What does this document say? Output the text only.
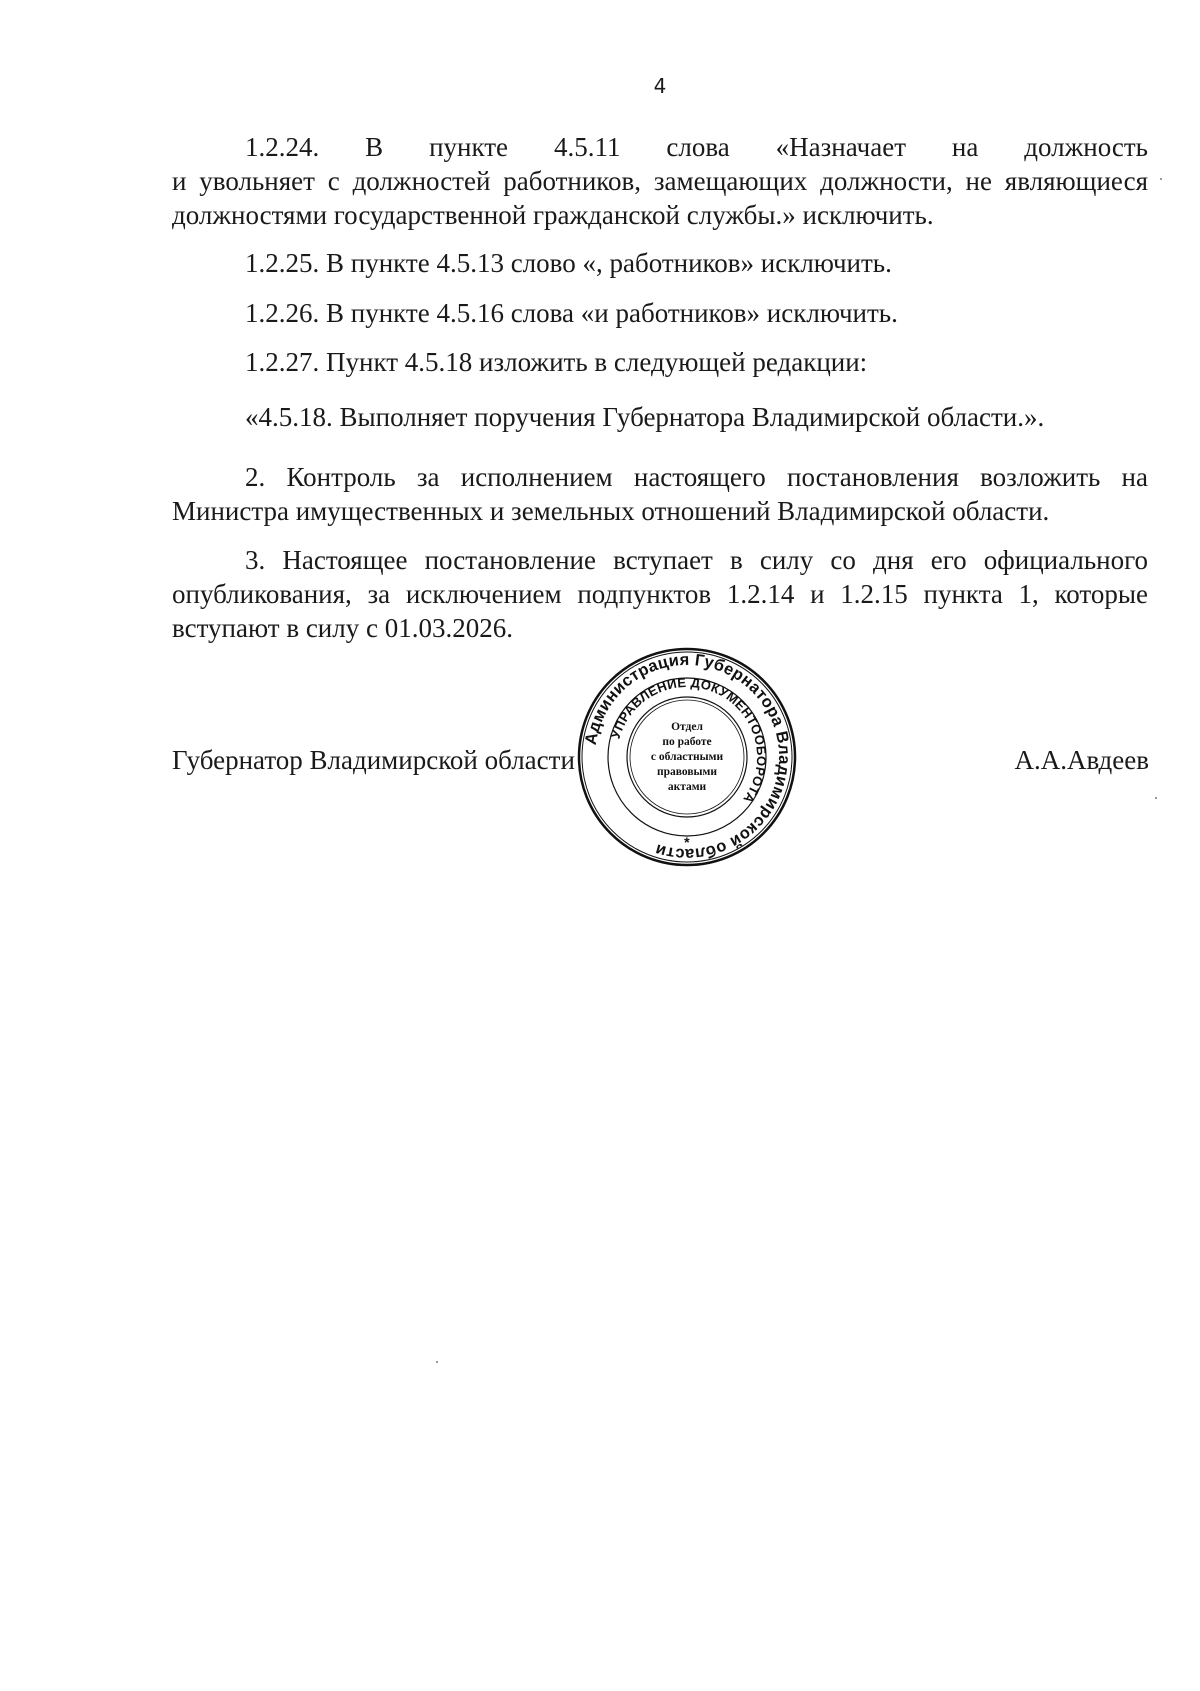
4

1.2.24. В пункте 4.5.11 слова «Назначает на должность

и увольняет с должностей работников, замещающих должности, не являющиеся должностями государственной гражданской службы.» исключить.

1.2.25. В пункте 4.5.13 слово «, работников» исключить.

1.2.26. В пункте 4.5.16 слова «и работников» исключить.

1.2.27. Пункт 4.5.18 изложить в следующей редакции:

«4.5.18. Выполняет поручения Губернатора Владимирской области.».

2. Контроль за исполнением настоящего постановления возложить на Министра имущественных и земельных отношений Владимирской области.

3. Настоящее постановление вступает в силу со дня его официального опубликования, за исключением подпунктов 1.2.14 и 1.2.15 пункта 1, которые вступают в силу с 01.03.2026.

Губернатор Владимирской области	А.А.Авдеев
Администрация Губернатора Владимирской области
УПРАВЛЕНИЕ ДОКУМЕНТООБОРОТА
Отдел
по работе
с областными
правовыми
актами
*
